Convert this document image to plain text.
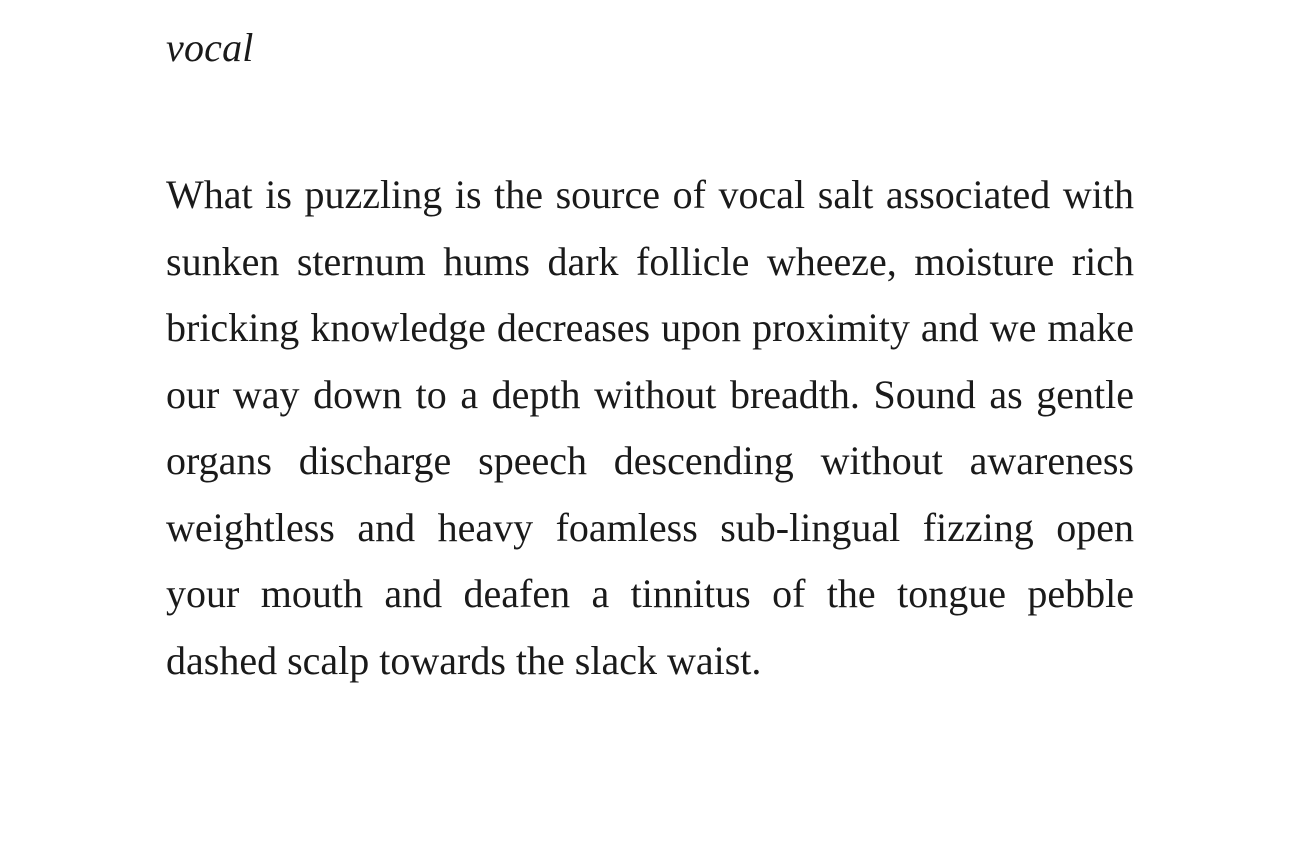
vocal

What is puzzling is the source of vocal salt associated with sunken sternum hums dark follicle wheeze, moisture rich bricking knowledge decreases upon proximity and we make our way down to a depth without breadth. Sound as gentle organs discharge speech descending without awareness weightless and heavy foamless sub-lingual fizzing open your mouth and deafen a tinnitus of the tongue pebble dashed scalp towards the slack waist.
